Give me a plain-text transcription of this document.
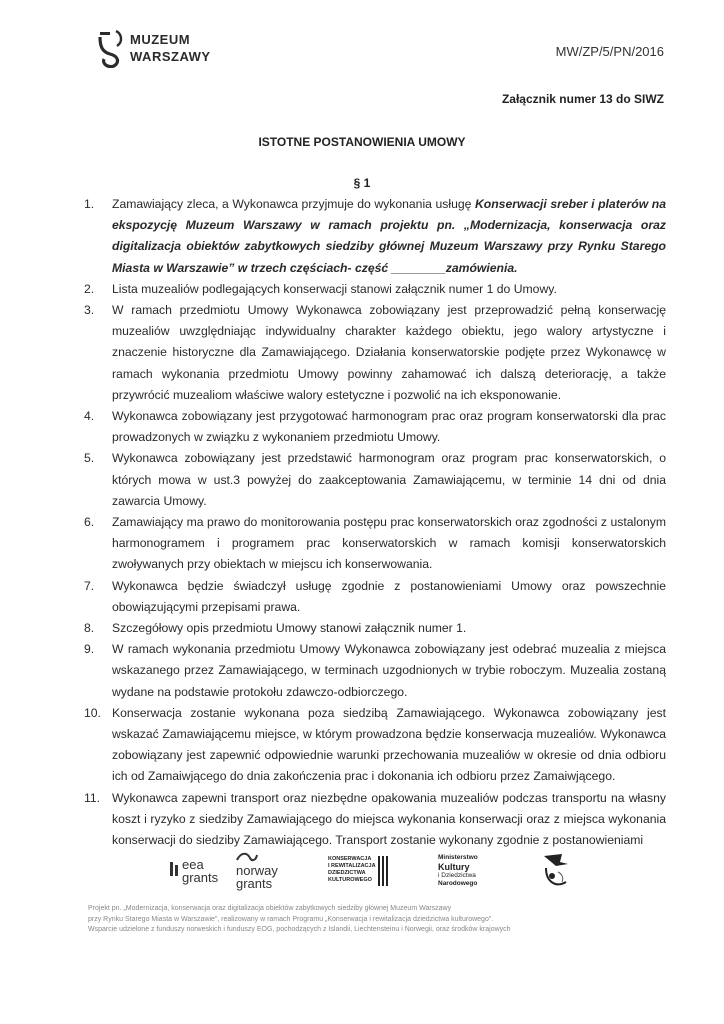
MUZEUM
WARSZAWY	MW/ZP/5/PN/2016
Załącznik numer 13 do SIWZ
ISTOTNE POSTANOWIENIA UMOWY
§ 1
1.	Zamawiający zleca, a Wykonawca przyjmuje do wykonania usługę Konserwacji sreber i platerów na ekspozycję Muzeum Warszawy w ramach projektu pn. „Modernizacja, konserwacja oraz digitalizacja obiektów zabytkowych siedziby głównej Muzeum Warszawy przy Rynku Starego Miasta w Warszawie” w trzech częściach- część ________zamówienia.
2.	Lista muzealiów podlegających konserwacji stanowi załącznik numer 1 do Umowy.
3.	W ramach przedmiotu Umowy Wykonawca zobowiązany jest przeprowadzić pełną konserwację muzealiów uwzględniając indywidualny charakter każdego obiektu, jego walory artystyczne i znaczenie historyczne dla Zamawiającego. Działania konserwatorskie podjęte przez Wykonawcę w ramach wykonania przedmiotu Umowy powinny zahamować ich dalszą deteriorację, a także przywrócić muzealiom właściwe walory estetyczne i pozwolić na ich eksponowanie.
4.	Wykonawca zobowiązany jest przygotować harmonogram prac oraz program konserwatorski dla prac prowadzonych w związku z wykonaniem przedmiotu Umowy.
5.	Wykonawca zobowiązany jest przedstawić harmonogram oraz program prac konserwatorskich, o których mowa w ust.3 powyżej do zaakceptowania Zamawiającemu, w terminie 14 dni od dnia zawarcia Umowy.
6.	Zamawiający ma prawo do monitorowania postępu prac konserwatorskich oraz zgodności z ustalonym harmonogramem i programem prac konserwatorskich w ramach komisji konserwatorskich zwoływanych przy obiektach w miejscu ich konserwowania.
7.	Wykonawca będzie świadczył usługę zgodnie z postanowieniami Umowy oraz powszechnie obowiązującymi przepisami prawa.
8.	Szczegółowy opis przedmiotu Umowy stanowi załącznik numer 1.
9.	W ramach wykonania przedmiotu Umowy Wykonawca zobowiązany jest odebrać muzealia z miejsca wskazanego przez Zamawiającego, w terminach uzgodnionych w trybie roboczym. Muzealia zostaną wydane na podstawie protokołu zdawczo-odbiorczego.
10. Konserwacja zostanie wykonana poza siedzibą Zamawiającego. Wykonawca zobowiązany jest wskazać Zamawiającemu miejsce, w którym prowadzona będzie konserwacja muzealiów. Wykonawca zobowiązany jest zapewnić odpowiednie warunki przechowania muzealiów w okresie od dnia odbioru ich od Zamaiwjącego do dnia zakończenia prac i dokonania ich odbioru przez Zamaiwjącego.
11. Wykonawca zapewni transport oraz niezbędne opakowania muzealiów podczas transportu na własny koszt i ryzyko z siedziby Zamawiającego do miejsca wykonania konserwacji oraz z miejsca wykonania konserwacji do siedziby Zamawiającego. Transport zostanie wykonany zgodnie z postanowieniami
eea
grants norway
grants
KONSERWACJA
I REWITALIZACJA
DZIEDZICTWA
KULTUROWEGO
Ministerstwo
Kultury
i Dziedzictwa
Narodowego
Projekt pn. „Modernizacja, konserwacja oraz digitalizacja obiektów zabytkowych siedziby głównej Muzeum Warszawy
przy Rynku Starego Miasta w Warszawie”, realizowany w ramach Programu „Konserwacja i rewitalizacja dziedzictwa kulturowego”.
Wsparcie udzielone z funduszy norweskich i funduszy EOG, pochodzących z Islandii, Liechtensteinu i Norwegii, oraz środków krajowych
